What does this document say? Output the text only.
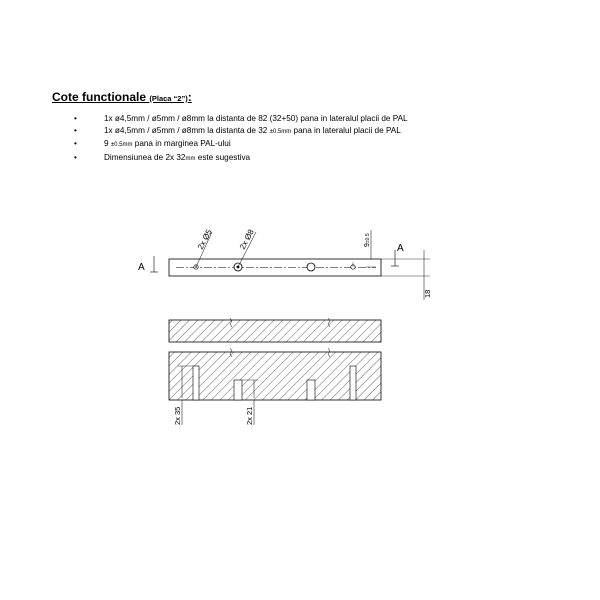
Cote functionale (Placa “2”):
•	1x ø4,5mm / ø5mm / ø8mm la distanta de 82 (32+50) pana in lateralul placii de PAL
•	1x ø4,5mm / ø5mm / ø8mm la distanta de 32 ±0.5mm pana in lateralul placii de PAL
•	9 ±0.5mm pana in marginea PAL-ului
•	Dimensiunea de 2x 32mm este sugestiva
2x Ø5	2x Ø8	9±0.5
A
A
18
2x 35	2x 21
